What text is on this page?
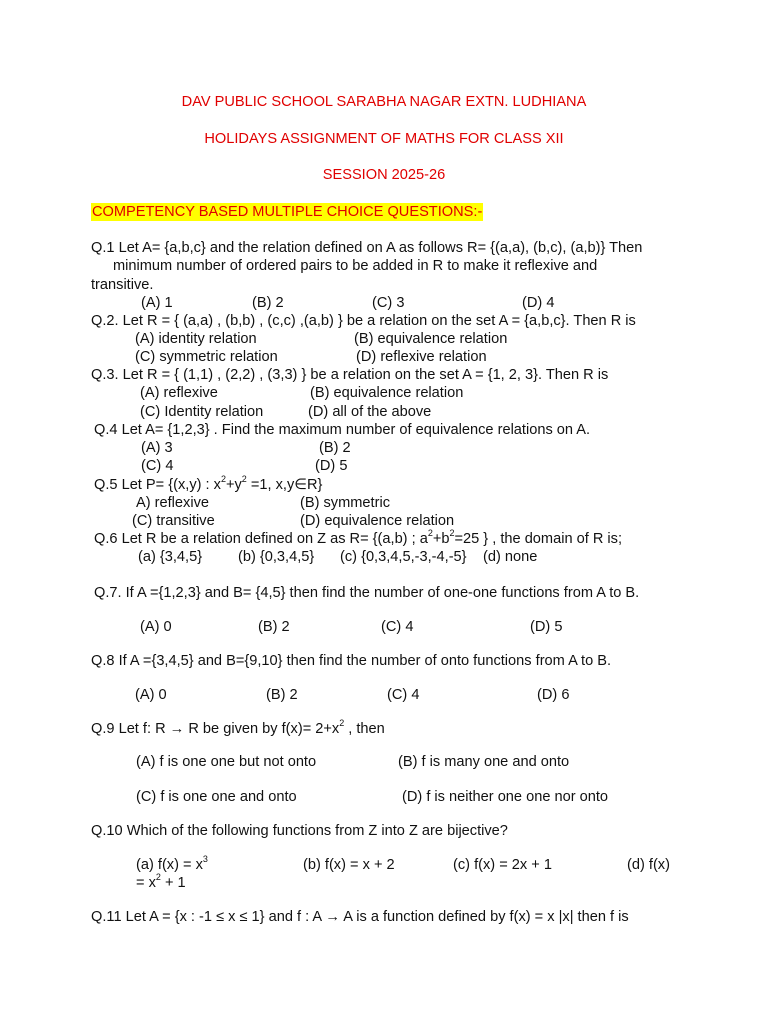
DAV PUBLIC SCHOOL SARABHA NAGAR EXTN. LUDHIANA
HOLIDAYS ASSIGNMENT OF MATHS FOR CLASS XII
SESSION 2025-26
COMPETENCY BASED MULTIPLE CHOICE QUESTIONS:-
Q.1 Let A= {a,b,c} and the relation defined on A as follows R= {(a,a), (b,c), (a,b)} Then
minimum number of ordered pairs to be added in R to make it reflexive and
transitive.
(A) 1	(B) 2	(C) 3	(D) 4
Q.2. Let R = { (a,a) , (b,b) , (c,c) ,(a,b) } be a relation on the set A = {a,b,c}. Then R is
(A) identity relation	(B) equivalence relation
(C) symmetric relation	(D) reflexive relation
Q.3. Let R = { (1,1) , (2,2) , (3,3) } be a relation on the set A = {1, 2, 3}. Then R is
(A) reflexive	(B) equivalence relation
(C) Identity relation	(D) all of the above
Q.4 Let A= {1,2,3} . Find the maximum number of equivalence relations on A.
(A) 3	(B) 2
(C) 4	(D) 5
Q.5 Let P= {(x,y) : $x^2+y^2 =1$, x,y∈R}
A) reflexive	(B) symmetric
(C) transitive	(D) equivalence relation
Q.6 Let R be a relation defined on Z as R= {(a,b) ; $a^2+b^2=25$ } , the domain of R is;
(a) {3,4,5} (b) {0,3,4,5} (c) {0,3,4,5,-3,-4,-5} (d) none
Q.7. If A ={1,2,3} and B= {4,5} then find the number of one-one functions from A to B.
(A) 0	(B) 2	(C) 4	(D) 5
Q.8 If A ={3,4,5} and B={9,10} then find the number of onto functions from A to B.
(A) 0	(B) 2	(C) 4	(D) 6
Q.9 Let f: R → R be given by $f(x)= 2+x^2$ , then
(A) f is one one but not onto	(B) f is many one and onto
(C) f is one one and onto	(D) f is neither one one nor onto
Q.10 Which of the following functions from Z into Z are bijective?
(a) $f(x) = x^3$	(b) f(x) = x + 2	(c) f(x) = 2x + 1	(d) f(x)
= $x^2 + 1$
Q.11 Let A = {x : -1 ≤ x ≤ 1} and f : A → A is a function defined by f(x) = x |x| then f is
